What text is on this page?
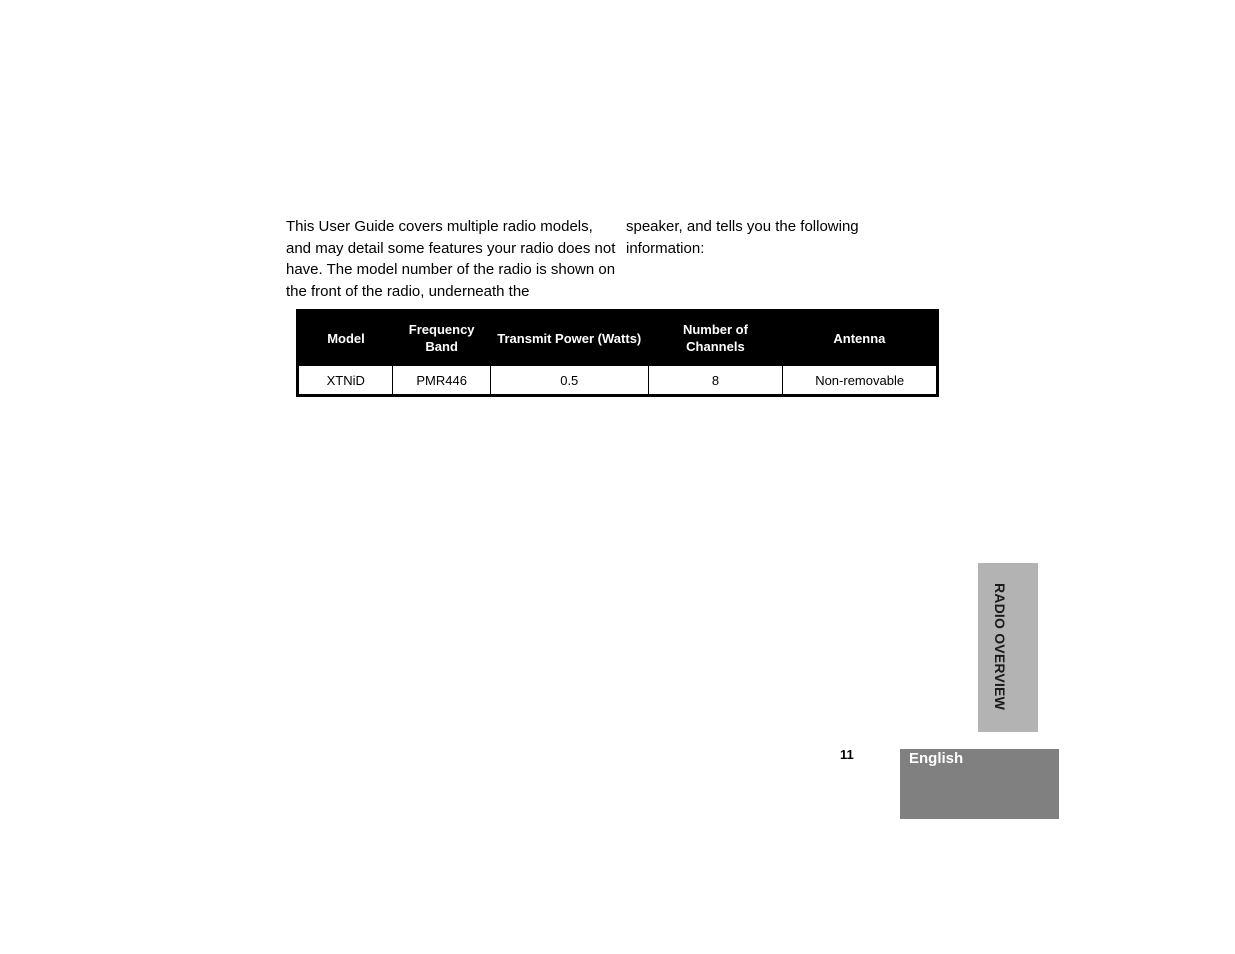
This User Guide covers multiple radio models, and may detail some features your radio does not have. The model number of the radio is shown on the front of the radio, underneath the

speaker, and tells you the following information:

Model	Frequency Band	Transmit Power (Watts)	Number of Channels	Antenna
XTNiD	PMR446	0.5	8	Non-removable
RADIO OVERVIEW
11	English
